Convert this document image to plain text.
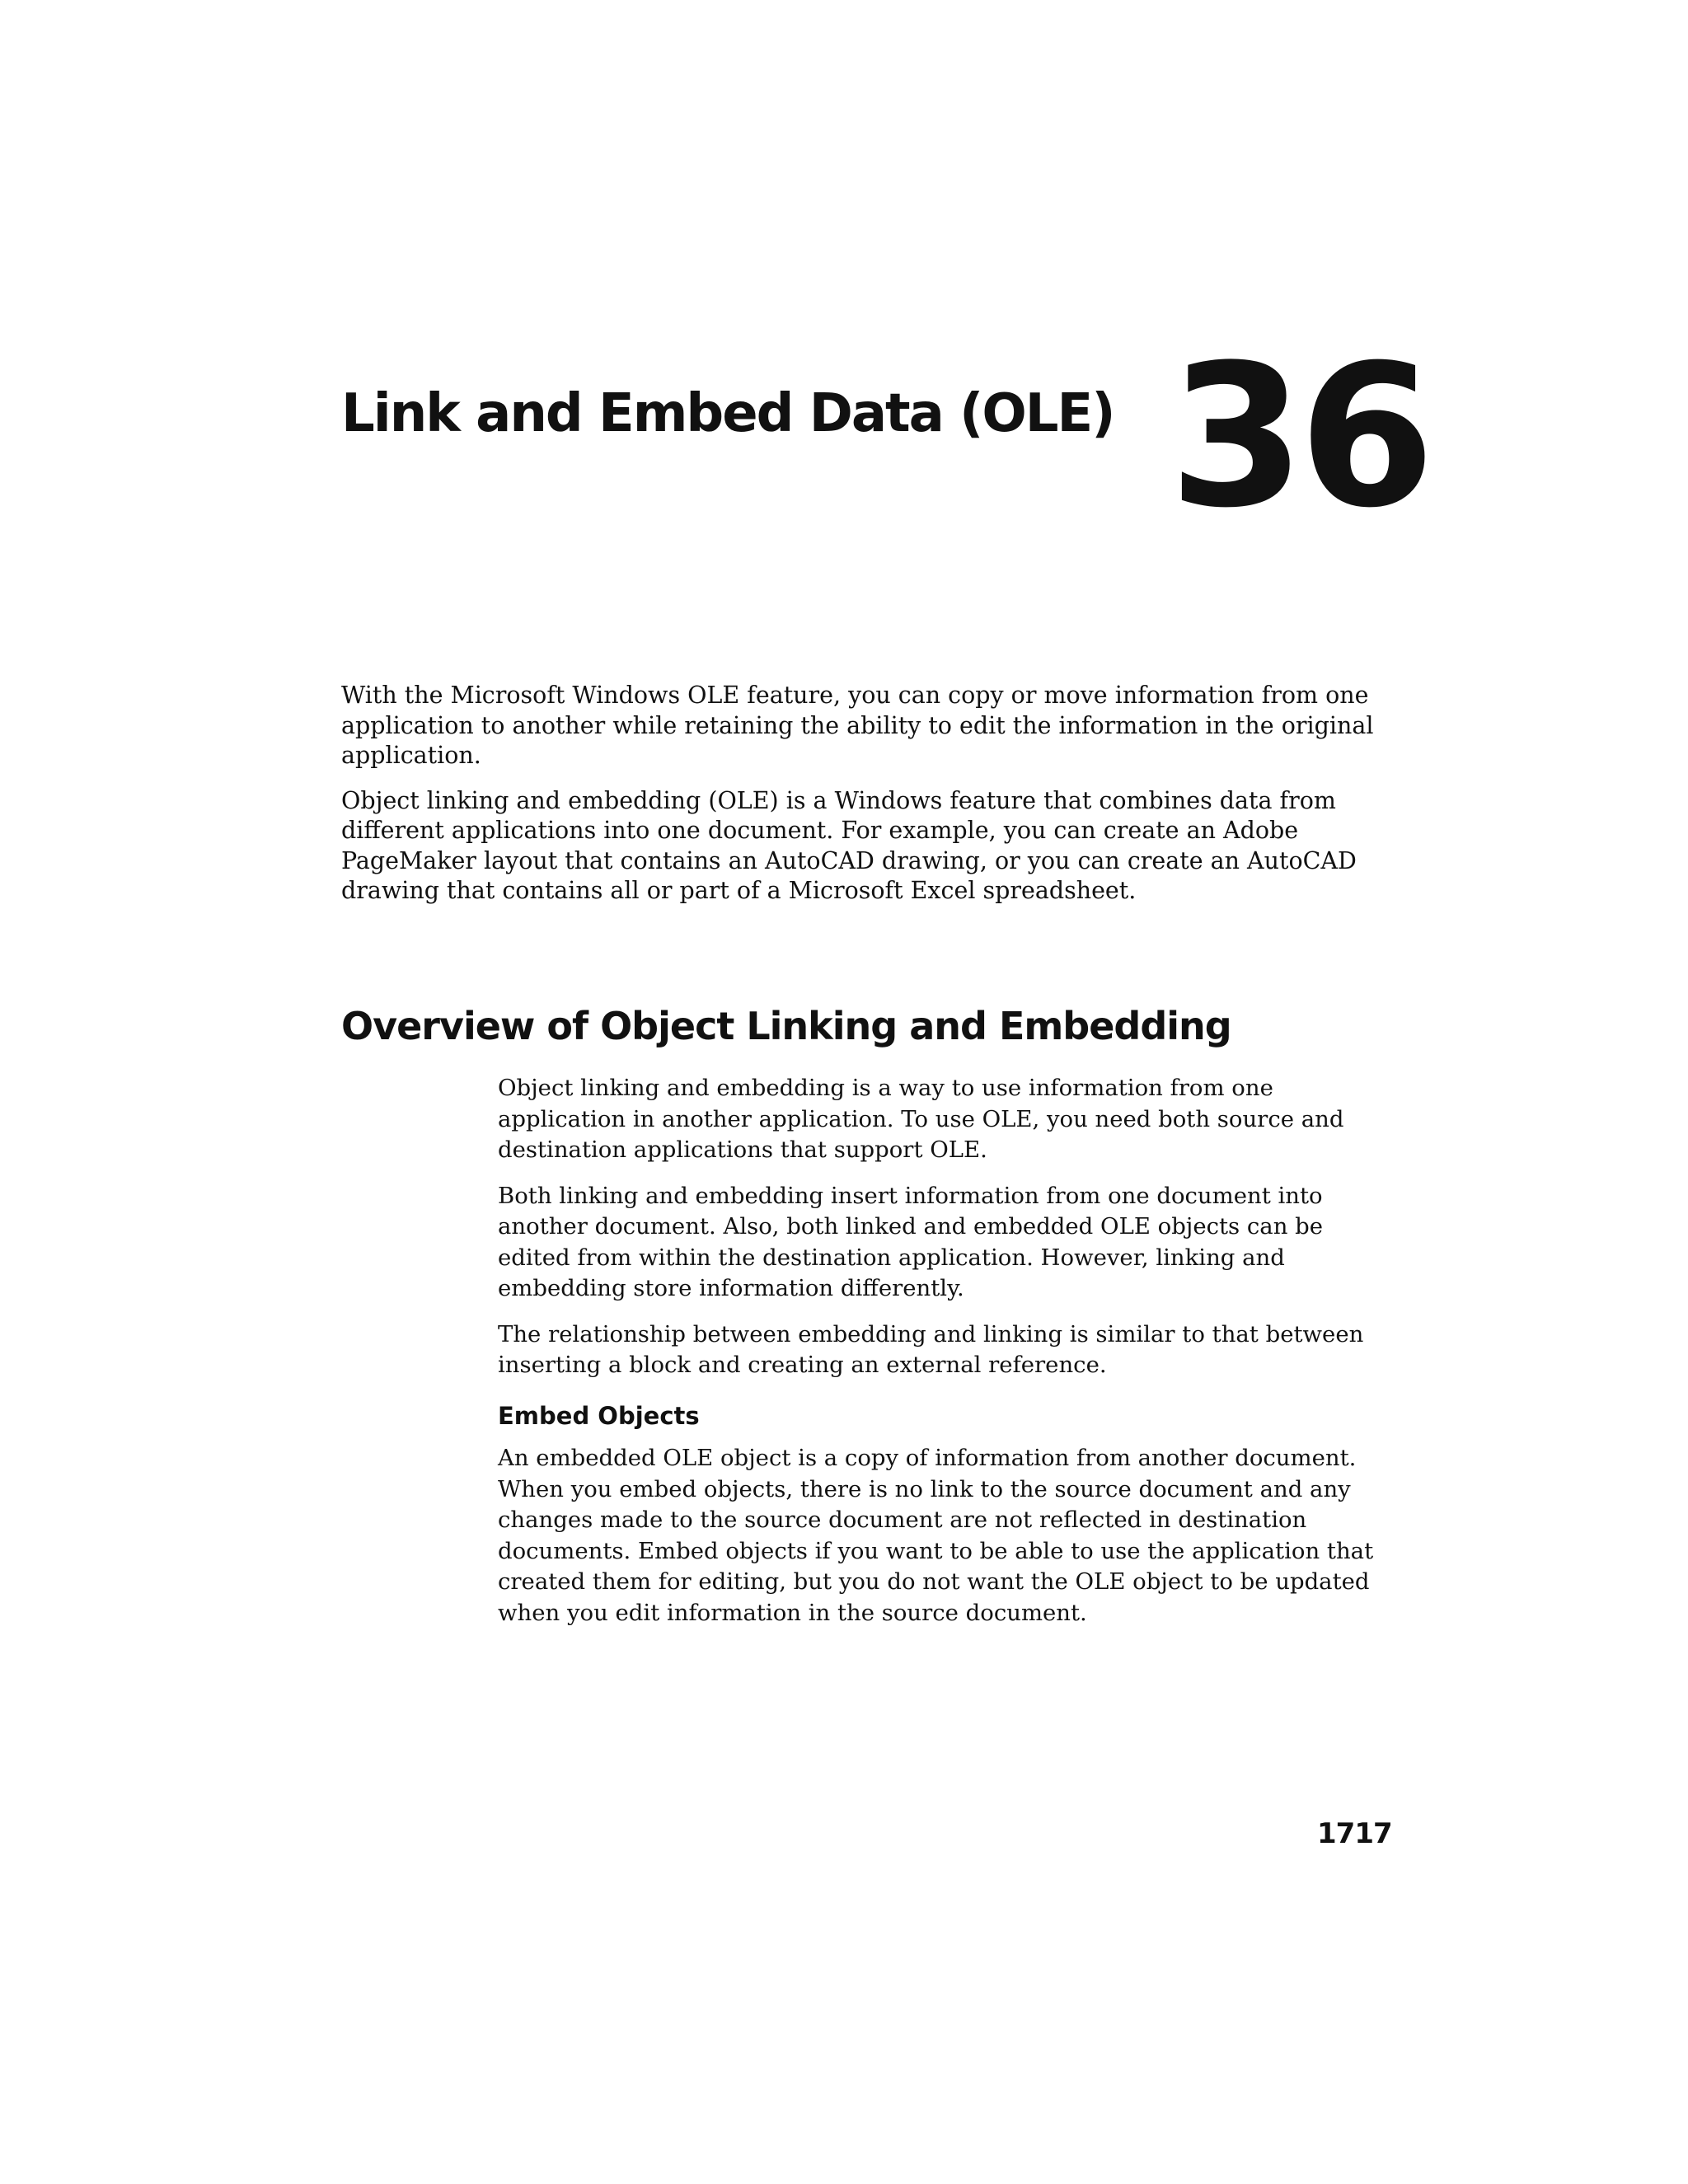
Link and Embed Data (OLE) 36

With the Microsoft Windows OLE feature, you can copy or move information from one application to another while retaining the ability to edit the information in the original application.

Object linking and embedding (OLE) is a Windows feature that combines data from different applications into one document. For example, you can create an Adobe PageMaker layout that contains an AutoCAD drawing, or you can create an AutoCAD drawing that contains all or part of a Microsoft Excel spreadsheet.

Overview of Object Linking and Embedding

Object linking and embedding is a way to use information from one application in another application. To use OLE, you need both source and destination applications that support OLE.

Both linking and embedding insert information from one document into another document. Also, both linked and embedded OLE objects can be edited from within the destination application. However, linking and embedding store information differently.

The relationship between embedding and linking is similar to that between inserting a block and creating an external reference.

Embed Objects

An embedded OLE object is a copy of information from another document. When you embed objects, there is no link to the source document and any changes made to the source document are not reflected in destination documents. Embed objects if you want to be able to use the application that created them for editing, but you do not want the OLE object to be updated when you edit information in the source document.

1717
